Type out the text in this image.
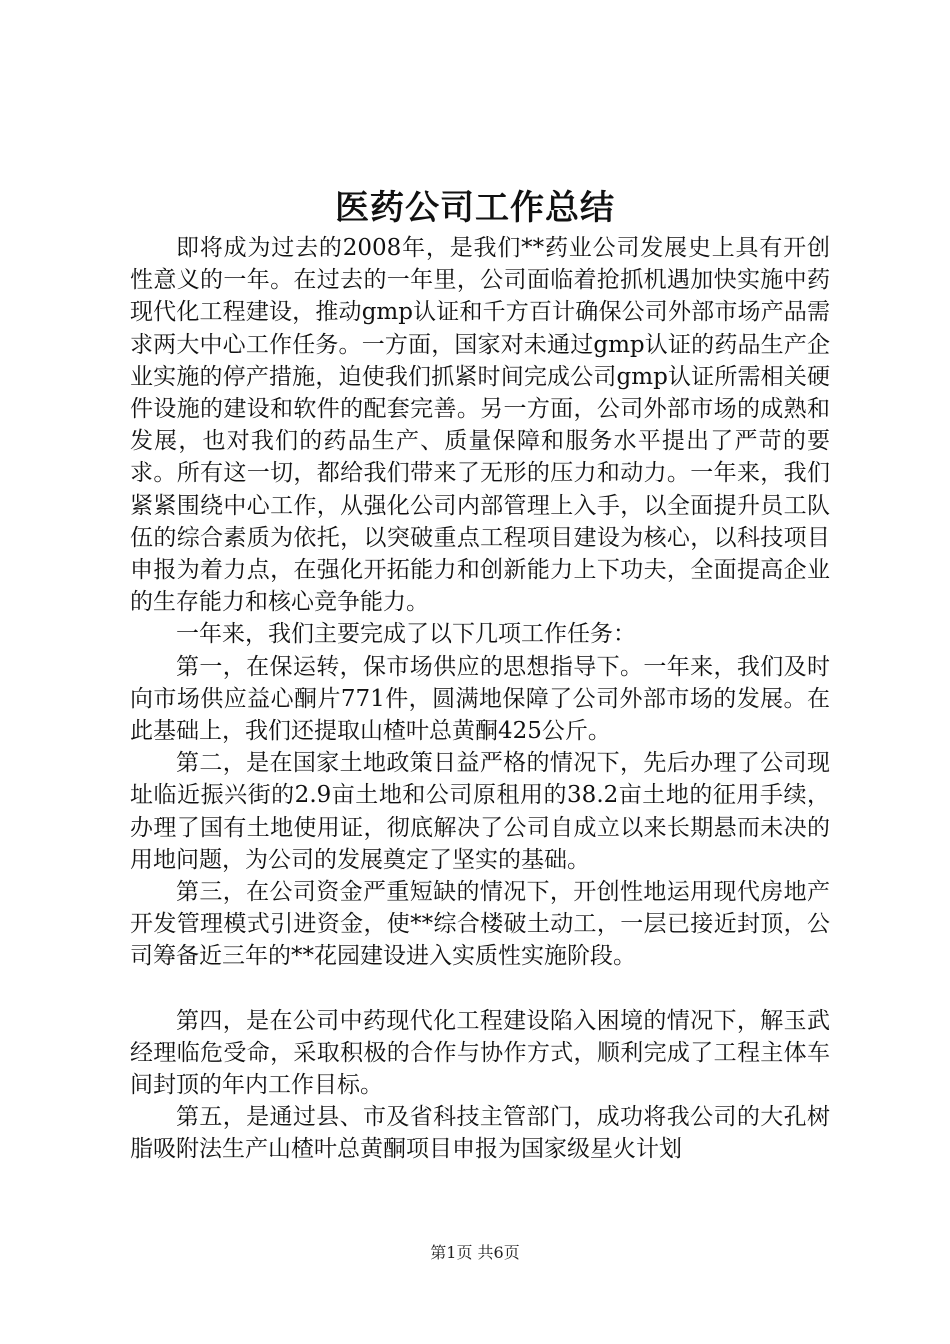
医药公司工作总结

即将成为过去的2008年，是我们**药业公司发展史上具有开创性意义的一年。在过去的一年里，公司面临着抢抓机遇加快实施中药现代化工程建设，推动gmp认证和千方百计确保公司外部市场产品需求两大中心工作任务。一方面，国家对未通过gmp认证的药品生产企业实施的停产措施，迫使我们抓紧时间完成公司gmp认证所需相关硬件设施的建设和软件的配套完善。另一方面，公司外部市场的成熟和发展，也对我们的药品生产、质量保障和服务水平提出了严苛的要求。所有这一切，都给我们带来了无形的压力和动力。一年来，我们紧紧围绕中心工作，从强化公司内部管理上入手，以全面提升员工队伍的综合素质为依托，以突破重点工程项目建设为核心，以科技项目申报为着力点，在强化开拓能力和创新能力上下功夫，全面提高企业的生存能力和核心竞争能力。

一年来，我们主要完成了以下几项工作任务：

第一，在保运转，保市场供应的思想指导下。一年来，我们及时向市场供应益心酮片771件，圆满地保障了公司外部市场的发展。在此基础上，我们还提取山楂叶总黄酮425公斤。

第二，是在国家土地政策日益严格的情况下，先后办理了公司现址临近振兴街的2.9亩土地和公司原租用的38.2亩土地的征用手续，办理了国有土地使用证，彻底解决了公司自成立以来长期悬而未决的用地问题，为公司的发展奠定了坚实的基础。

第三，在公司资金严重短缺的情况下，开创性地运用现代房地产开发管理模式引进资金，使**综合楼破土动工，一层已接近封顶，公司筹备近三年的**花园建设进入实质性实施阶段。

第四，是在公司中药现代化工程建设陷入困境的情况下，解玉武经理临危受命，采取积极的合作与协作方式，顺利完成了工程主体车间封顶的年内工作目标。

第五，是通过县、市及省科技主管部门，成功将我公司的大孔树脂吸附法生产山楂叶总黄酮项目申报为国家级星火计划

第1页 共6页
